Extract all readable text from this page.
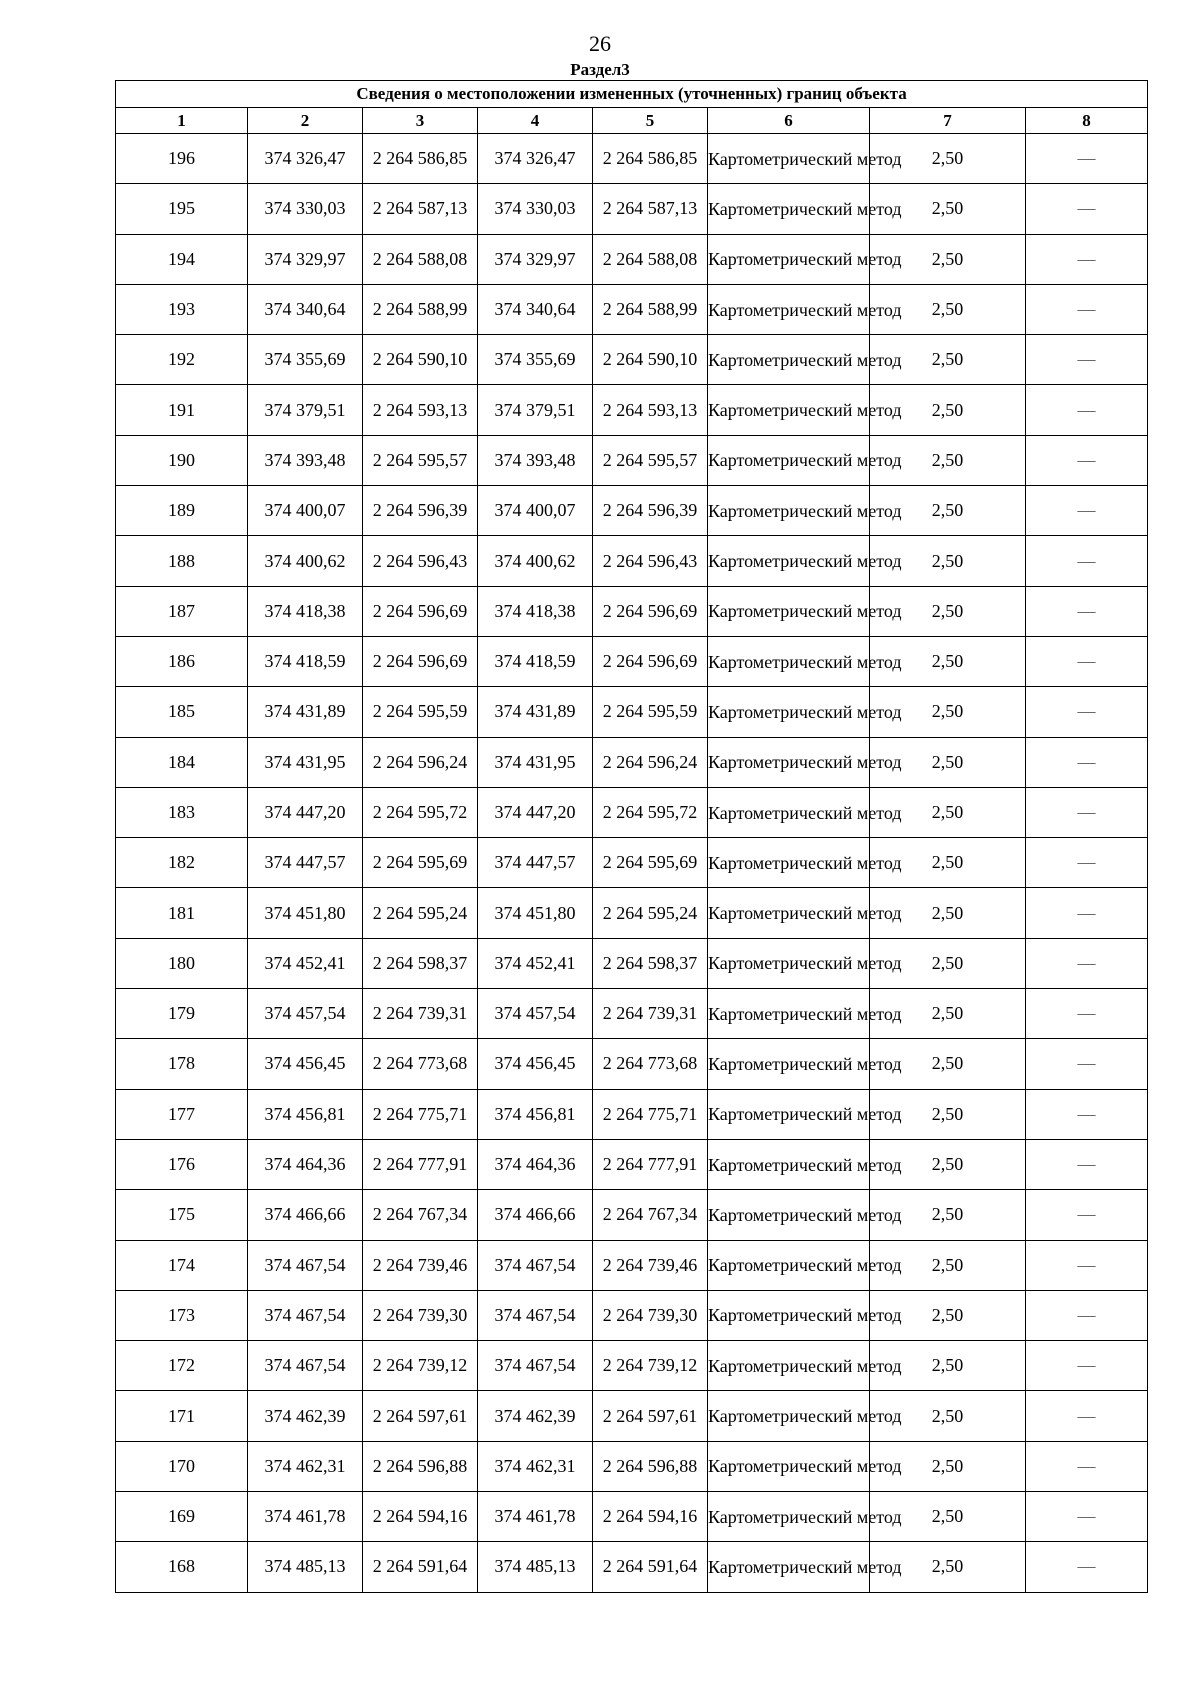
26
Раздел3
Сведения о местоположении измененных (уточненных) границ объекта							
1	2	3	4	5	6	7	8
196	374 326,47	2 264 586,85	374 326,47	2 264 586,85	Картометрический метод	2,50	—
195	374 330,03	2 264 587,13	374 330,03	2 264 587,13	Картометрический метод	2,50	—
194	374 329,97	2 264 588,08	374 329,97	2 264 588,08	Картометрический метод	2,50	—
193	374 340,64	2 264 588,99	374 340,64	2 264 588,99	Картометрический метод	2,50	—
192	374 355,69	2 264 590,10	374 355,69	2 264 590,10	Картометрический метод	2,50	—
191	374 379,51	2 264 593,13	374 379,51	2 264 593,13	Картометрический метод	2,50	—
190	374 393,48	2 264 595,57	374 393,48	2 264 595,57	Картометрический метод	2,50	—
189	374 400,07	2 264 596,39	374 400,07	2 264 596,39	Картометрический метод	2,50	—
188	374 400,62	2 264 596,43	374 400,62	2 264 596,43	Картометрический метод	2,50	—
187	374 418,38	2 264 596,69	374 418,38	2 264 596,69	Картометрический метод	2,50	—
186	374 418,59	2 264 596,69	374 418,59	2 264 596,69	Картометрический метод	2,50	—
185	374 431,89	2 264 595,59	374 431,89	2 264 595,59	Картометрический метод	2,50	—
184	374 431,95	2 264 596,24	374 431,95	2 264 596,24	Картометрический метод	2,50	—
183	374 447,20	2 264 595,72	374 447,20	2 264 595,72	Картометрический метод	2,50	—
182	374 447,57	2 264 595,69	374 447,57	2 264 595,69	Картометрический метод	2,50	—
181	374 451,80	2 264 595,24	374 451,80	2 264 595,24	Картометрический метод	2,50	—
180	374 452,41	2 264 598,37	374 452,41	2 264 598,37	Картометрический метод	2,50	—
179	374 457,54	2 264 739,31	374 457,54	2 264 739,31	Картометрический метод	2,50	—
178	374 456,45	2 264 773,68	374 456,45	2 264 773,68	Картометрический метод	2,50	—
177	374 456,81	2 264 775,71	374 456,81	2 264 775,71	Картометрический метод	2,50	—
176	374 464,36	2 264 777,91	374 464,36	2 264 777,91	Картометрический метод	2,50	—
175	374 466,66	2 264 767,34	374 466,66	2 264 767,34	Картометрический метод	2,50	—
174	374 467,54	2 264 739,46	374 467,54	2 264 739,46	Картометрический метод	2,50	—
173	374 467,54	2 264 739,30	374 467,54	2 264 739,30	Картометрический метод	2,50	—
172	374 467,54	2 264 739,12	374 467,54	2 264 739,12	Картометрический метод	2,50	—
171	374 462,39	2 264 597,61	374 462,39	2 264 597,61	Картометрический метод	2,50	—
170	374 462,31	2 264 596,88	374 462,31	2 264 596,88	Картометрический метод	2,50	—
169	374 461,78	2 264 594,16	374 461,78	2 264 594,16	Картометрический метод	2,50	—
168	374 485,13	2 264 591,64	374 485,13	2 264 591,64	Картометрический метод	2,50	—
